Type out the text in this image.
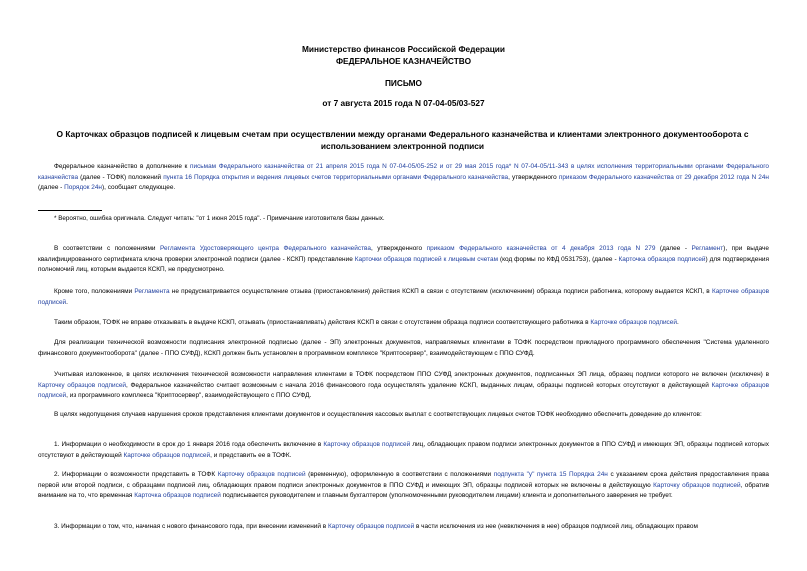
Министерство финансов Российской Федерации
ФЕДЕРАЛЬНОЕ КАЗНАЧЕЙСТВО
ПИСЬМО
от 7 августа 2015 года N 07-04-05/03-527
О Карточках образцов подписей к лицевым счетам при осуществлении между органами Федерального казначейства и клиентами электронного документооборота с использованием электронной подписи
Федеральное казначейство в дополнение к письмам Федерального казначейства от 21 апреля 2015 года N 07-04-05/05-252 и от 29 мая 2015 года* N 07-04-05/11-343 в целях исполнения территориальными органами Федерального казначейства (далее - ТОФК) положений пункта 16 Порядка открытия и ведения лицевых счетов территориальными органами Федерального казначейства, утвержденного приказом Федерального казначейства от 29 декабря 2012 года N 24н (далее - Порядок 24н), сообщает следующее.
* Вероятно, ошибка оригинала. Следует читать: "от 1 июня 2015 года". - Примечание изготовителя базы данных.
В соответствии с положениями Регламента Удостоверяющего центра Федерального казначейства, утвержденного приказом Федерального казначейства от 4 декабря 2013 года N 279 (далее - Регламент), при выдаче квалифицированного сертификата ключа проверки электронной подписи (далее - КСКП) представление Карточки образцов подписей к лицевым счетам (код формы по КФД 0531753), (далее - Карточка образцов подписей) для подтверждения полномочий лиц, которым выдается КСКП, не предусмотрено.
Кроме того, положениями Регламента не предусматривается осуществление отзыва (приостановления) действия КСКП в связи с отсутствием (исключением) образца подписи работника, которому выдается КСКП, в Карточке образцов подписей.
Таким образом, ТОФК не вправе отказывать в выдаче КСКП, отзывать (приостанавливать) действия КСКП в связи с отсутствием образца подписи соответствующего работника в Карточке образцов подписей.
Для реализации технической возможности подписания электронной подписью (далее - ЭП) электронных документов, направляемых клиентами в ТОФК посредством прикладного программного обеспечения "Система удаленного финансового документооборота" (далее - ППО СУФД), КСКП должен быть установлен в программном комплексе "Криптосервер", взаимодействующем с ППО СУФД.
Учитывая изложенное, в целях исключения технической возможности направления клиентами в ТОФК посредством ППО СУФД электронных документов, подписанных ЭП лица, образец подписи которого не включен (исключен) в Карточку образцов подписей, Федеральное казначейство считает возможным с начала 2016 финансового года осуществлять удаление КСКП, выданных лицам, образцы подписей которых отсутствуют в действующей Карточке образцов подписей, из программного комплекса "Криптосервер", взаимодействующего с ППО СУФД.
В целях недопущения случаев нарушения сроков представления клиентами документов и осуществления кассовых выплат с соответствующих лицевых счетов ТОФК необходимо обеспечить доведение до клиентов:
1. Информации о необходимости в срок до 1 января 2016 года обеспечить включение в Карточку образцов подписей лиц, обладающих правом подписи электронных документов в ППО СУФД и имеющих ЭП, образцы подписей которых отсутствуют в действующей Карточке образцов подписей, и представить ее в ТОФК.
2. Информации о возможности представить в ТОФК Карточку образцов подписей (временную), оформленную в соответствии с положениями подпункта "у" пункта 15 Порядка 24н с указанием срока действия предоставления права первой или второй подписи, с образцами подписей лиц, обладающих правом подписи электронных документов в ППО СУФД и имеющих ЭП, образцы подписей которых не включены в действующую Карточку образцов подписей, обратив внимание на то, что временная Карточка образцов подписей подписывается руководителем и главным бухгалтером (уполномоченными руководителем лицами) клиента и дополнительного заверения не требует.
3. Информации о том, что, начиная с нового финансового года, при внесении изменений в Карточку образцов подписей в части исключения из нее (невключения в нее) образцов подписей лиц, обладающих правом
